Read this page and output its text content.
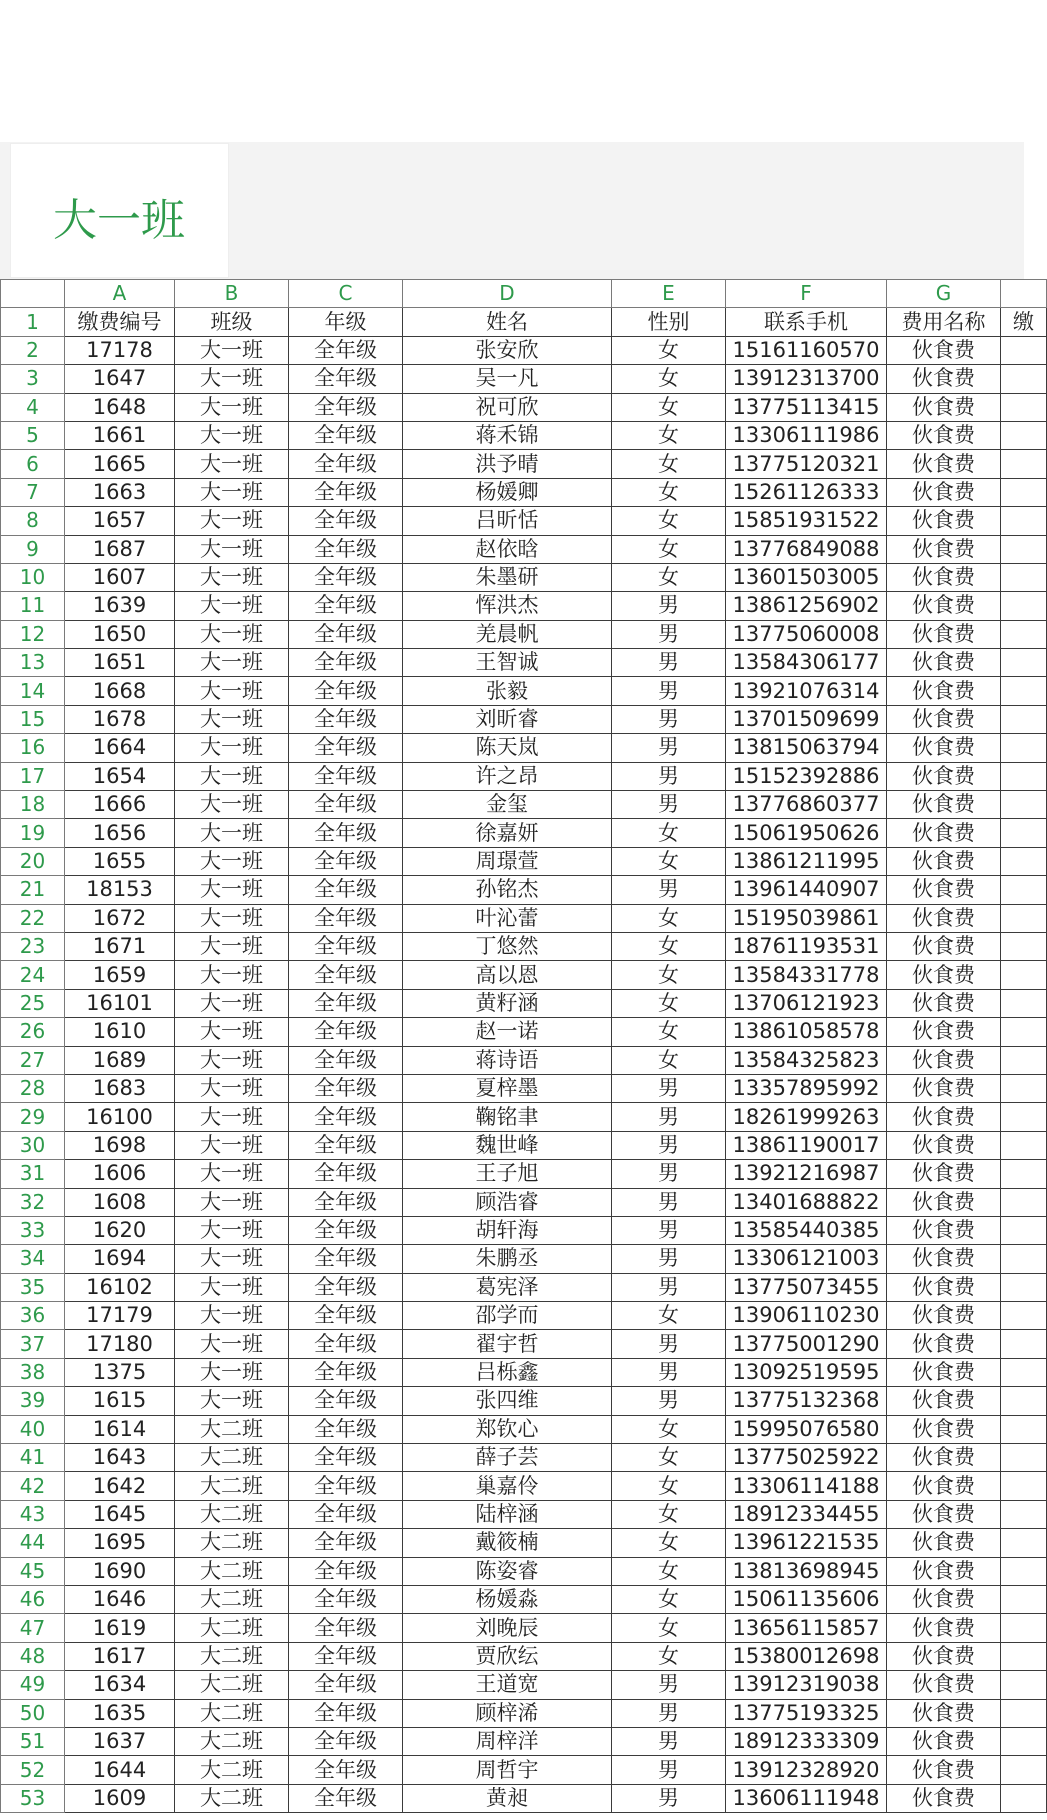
大一班
	A	B	C	D	E	F	G	
1	缴费编号	班级	年级	姓名	性别	联系手机	费用名称	缴
2	17178	大一班	全年级	张安欣	女	15161160570	伙食费	
3	1647	大一班	全年级	吴一凡	女	13912313700	伙食费	
4	1648	大一班	全年级	祝可欣	女	13775113415	伙食费	
5	1661	大一班	全年级	蒋禾锦	女	13306111986	伙食费	
6	1665	大一班	全年级	洪予晴	女	13775120321	伙食费	
7	1663	大一班	全年级	杨媛卿	女	15261126333	伙食费	
8	1657	大一班	全年级	吕昕恬	女	15851931522	伙食费	
9	1687	大一班	全年级	赵依晗	女	13776849088	伙食费	
10	1607	大一班	全年级	朱墨研	女	13601503005	伙食费	
11	1639	大一班	全年级	恽洪杰	男	13861256902	伙食费	
12	1650	大一班	全年级	羌晨帆	男	13775060008	伙食费	
13	1651	大一班	全年级	王智诚	男	13584306177	伙食费	
14	1668	大一班	全年级	张毅	男	13921076314	伙食费	
15	1678	大一班	全年级	刘昕睿	男	13701509699	伙食费	
16	1664	大一班	全年级	陈天岚	男	13815063794	伙食费	
17	1654	大一班	全年级	许之昂	男	15152392886	伙食费	
18	1666	大一班	全年级	金玺	男	13776860377	伙食费	
19	1656	大一班	全年级	徐嘉妍	女	15061950626	伙食费	
20	1655	大一班	全年级	周璟萱	女	13861211995	伙食费	
21	18153	大一班	全年级	孙铭杰	男	13961440907	伙食费	
22	1672	大一班	全年级	叶沁蕾	女	15195039861	伙食费	
23	1671	大一班	全年级	丁悠然	女	18761193531	伙食费	
24	1659	大一班	全年级	高以恩	女	13584331778	伙食费	
25	16101	大一班	全年级	黄籽涵	女	13706121923	伙食费	
26	1610	大一班	全年级	赵一诺	女	13861058578	伙食费	
27	1689	大一班	全年级	蒋诗语	女	13584325823	伙食费	
28	1683	大一班	全年级	夏梓墨	男	13357895992	伙食费	
29	16100	大一班	全年级	鞠铭聿	男	18261999263	伙食费	
30	1698	大一班	全年级	魏世峰	男	13861190017	伙食费	
31	1606	大一班	全年级	王子旭	男	13921216987	伙食费	
32	1608	大一班	全年级	顾浩睿	男	13401688822	伙食费	
33	1620	大一班	全年级	胡轩海	男	13585440385	伙食费	
34	1694	大一班	全年级	朱鹏丞	男	13306121003	伙食费	
35	16102	大一班	全年级	葛宪泽	男	13775073455	伙食费	
36	17179	大一班	全年级	邵学而	女	13906110230	伙食费	
37	17180	大一班	全年级	翟宇哲	男	13775001290	伙食费	
38	1375	大一班	全年级	吕栎鑫	男	13092519595	伙食费	
39	1615	大一班	全年级	张四维	男	13775132368	伙食费	
40	1614	大二班	全年级	郑钦心	女	15995076580	伙食费	
41	1643	大二班	全年级	薛子芸	女	13775025922	伙食费	
42	1642	大二班	全年级	巢嘉伶	女	13306114188	伙食费	
43	1645	大二班	全年级	陆梓涵	女	18912334455	伙食费	
44	1695	大二班	全年级	戴筱楠	女	13961221535	伙食费	
45	1690	大二班	全年级	陈姿睿	女	13813698945	伙食费	
46	1646	大二班	全年级	杨媛淼	女	15061135606	伙食费	
47	1619	大二班	全年级	刘晚辰	女	13656115857	伙食费	
48	1617	大二班	全年级	贾欣纭	女	15380012698	伙食费	
49	1634	大二班	全年级	王道宽	男	13912319038	伙食费	
50	1635	大二班	全年级	顾梓浠	男	13775193325	伙食费	
51	1637	大二班	全年级	周梓洋	男	18912333309	伙食费	
52	1644	大二班	全年级	周哲宇	男	13912328920	伙食费	
53	1609	大二班	全年级	黄昶	男	13606111948	伙食费	
